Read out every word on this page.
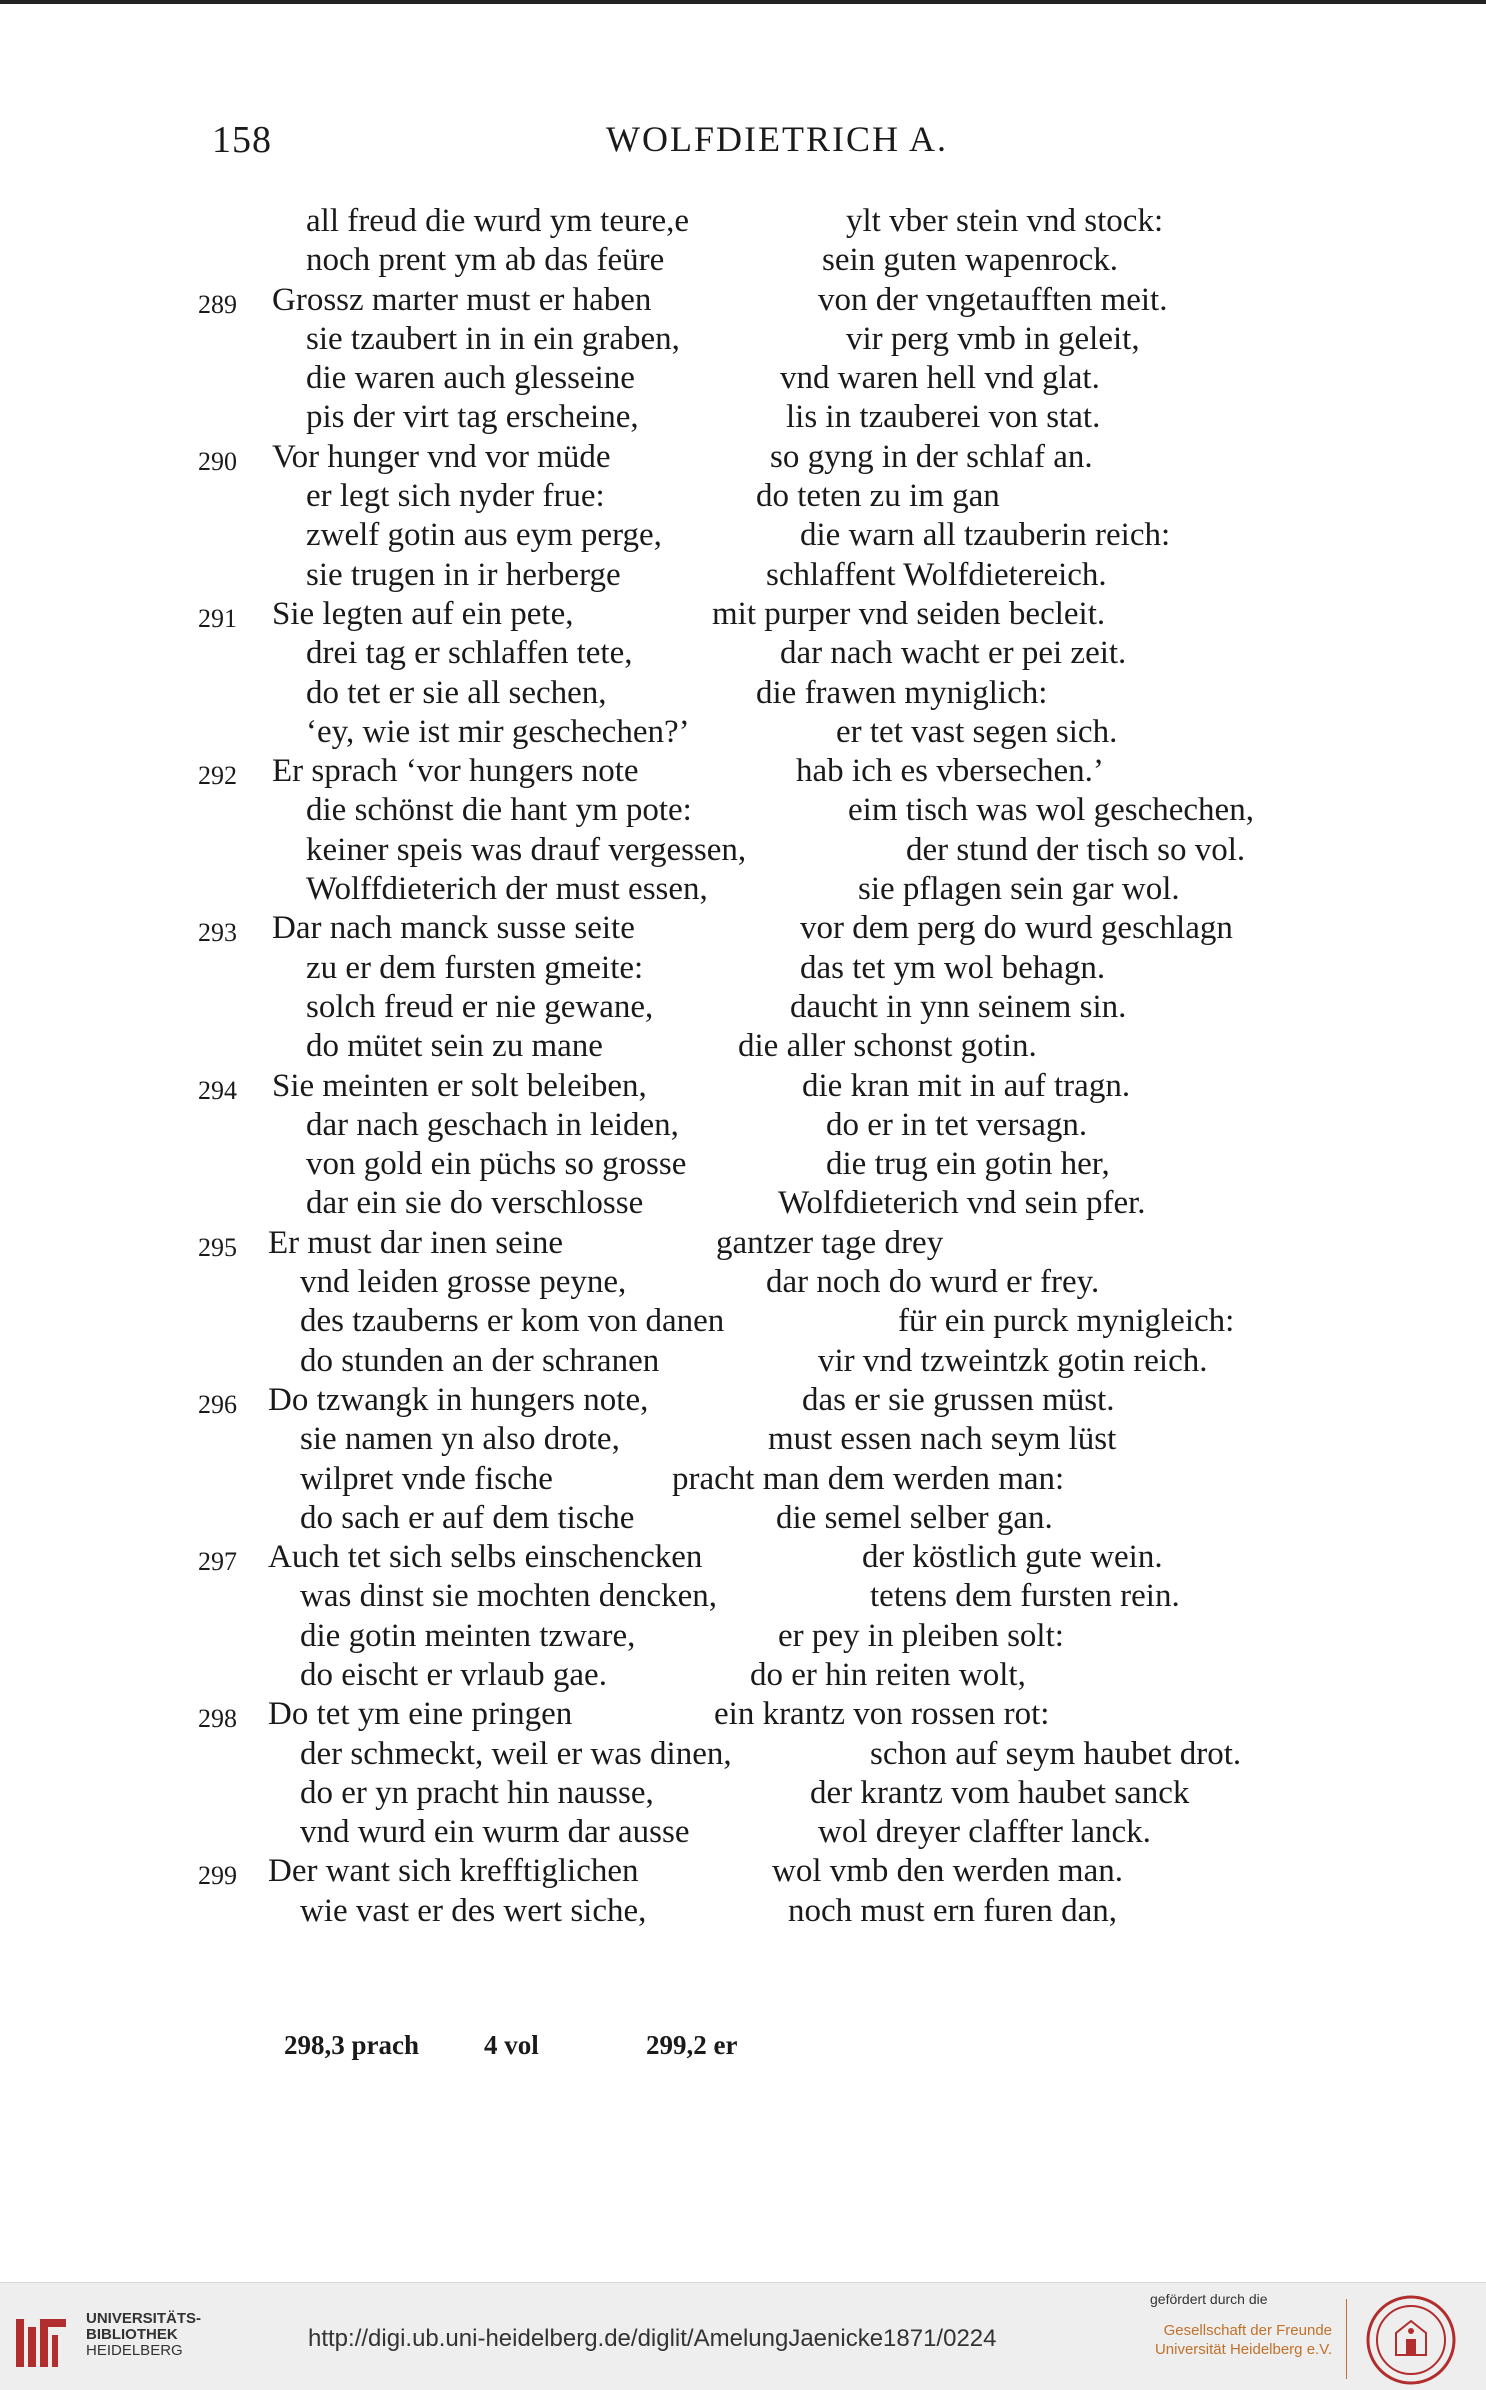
158	WOLFDIETRICH A.
all freud die wurd ym teure,e	ylt vber stein vnd stock:
noch prent ym ab das feüre	sein guten wapenrock.
289 Grossz marter must er haben	von der vngetaufften meit.
sie tzaubert in in ein graben,	vir perg vmb in geleit,
die waren auch glesseine	vnd waren hell vnd glat.
pis der virt tag erscheine,	lis in tzauberei von stat.
290 Vor hunger vnd vor müde	so gyng in der schlaf an.
er legt sich nyder frue:	do teten zu im gan
zwelf gotin aus eym perge,	die warn all tzauberin reich:
sie trugen in ir herberge	schlaffent Wolfdietereich.
291 Sie legten auf ein pete,	mit purper vnd seiden becleit.
drei tag er schlaffen tete,	dar nach wacht er pei zeit.
do tet er sie all sechen,	die frawen myniglich:
‘ey, wie ist mir geschechen?’	er tet vast segen sich.
292 Er sprach ‘vor hungers note	hab ich es vbersechen.’
die schönst die hant ym pote:	eim tisch was wol geschechen,
keiner speis was drauf vergessen,	der stund der tisch so vol.
Wolffdieterich der must essen,	sie pflagen sein gar wol.
293 Dar nach manck susse seite	vor dem perg do wurd geschlagn
zu er dem fursten gmeite:	das tet ym wol behagn.
solch freud er nie gewane,	daucht in ynn seinem sin.
do mütet sein zu mane	die aller schonst gotin.
294 Sie meinten er solt beleiben,	die kran mit in auf tragn.
dar nach geschach in leiden,	do er in tet versagn.
von gold ein püchs so grosse	die trug ein gotin her,
dar ein sie do verschlosse	Wolfdieterich vnd sein pfer.
295 Er must dar inen seine	gantzer tage drey
vnd leiden grosse peyne,	dar noch do wurd er frey.
des tzauberns er kom von danen	für ein purck mynigleich:
do stunden an der schranen	vir vnd tzweintzk gotin reich.
296 Do tzwangk in hungers note,	das er sie grussen müst.
sie namen yn also drote,	must essen nach seym lüst
wilpret vnde fische	pracht man dem werden man:
do sach er auf dem tische	die semel selber gan.
297 Auch tet sich selbs einschencken	der köstlich gute wein.
was dinst sie mochten dencken,	tetens dem fursten rein.
die gotin meinten tzware,	er pey in pleiben solt:
do eischt er vrlaub gae.	do er hin reiten wolt,
298 Do tet ym eine pringen	ein krantz von rossen rot:
der schmeckt, weil er was dinen,	schon auf seym haubet drot.
do er yn pracht hin nausse,	der krantz vom haubet sanck
vnd wurd ein wurm dar ausse	wol dreyer claffter lanck.
299 Der want sich krefftiglichen	wol vmb den werden man.
wie vast er des wert siche,	noch must ern furen dan,
298,3 prach 4 vol	299,2 er
UNIVERSITÄTS-
BIBLIOTHEK
HEIDELBERG	http://digi.ub.uni-heidelberg.de/diglit/AmelungJaenicke1871/0224
gefördert durch die
Gesellschaft der Freunde
Universität Heidelberg e.V.
